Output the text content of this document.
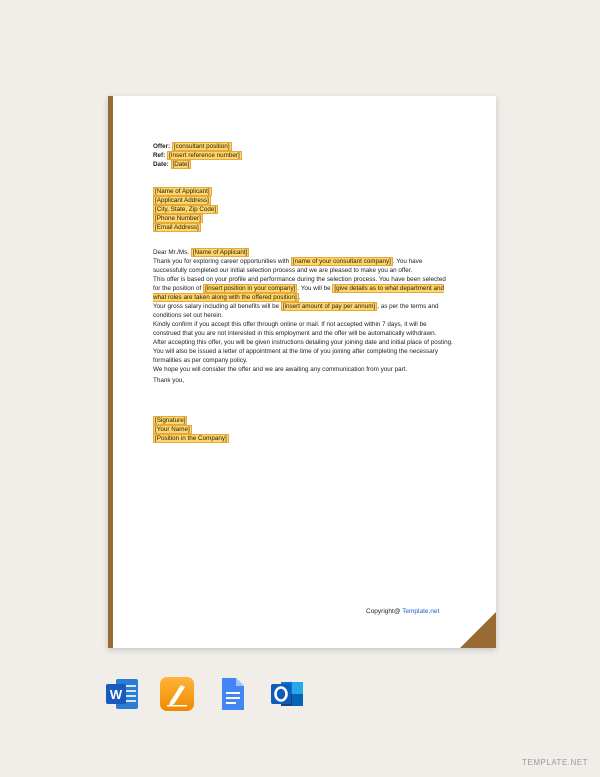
Offer: [consultant position]

Ref: [Insert reference number]

Date: [Date]

[Name of Applicant]

[Applicant Address]

[City, State, Zip Code]

[Phone Number]

[Email Address]

Dear Mr./Ms. [Name of Applicant]

Thank you for exploring career opportunities with [name of your consultant company] . You have successfully completed our initial selection process and we are pleased to make you an offer.

This offer is based on your profile and performance during the selection process. You have been selected for the position of [insert position in your company] . You will be [give details as to what department and what roles are taken along with the offered position] .

Your gross salary including all benefits will be [insert amount of pay per annum] , as per the terms and conditions set out herein.

Kindly confirm if you accept this offer through online or mail. If not accepted within 7 days, it will be construed that you are not interested in this employment and the offer will be automatically withdrawn.

After accepting this offer, you will be given instructions detailing your joining date and initial place of posting. You will also be issued a letter of appointment at the time of you joining after completing the necessary formalities as per company policy.

We hope you will consider the offer and we are awaiting any communication from your part.

Thank you,

[Signature]

[Your Name]

[Position in the Company]

Copyright@ Template.net
W
TEMPLATE.NET
